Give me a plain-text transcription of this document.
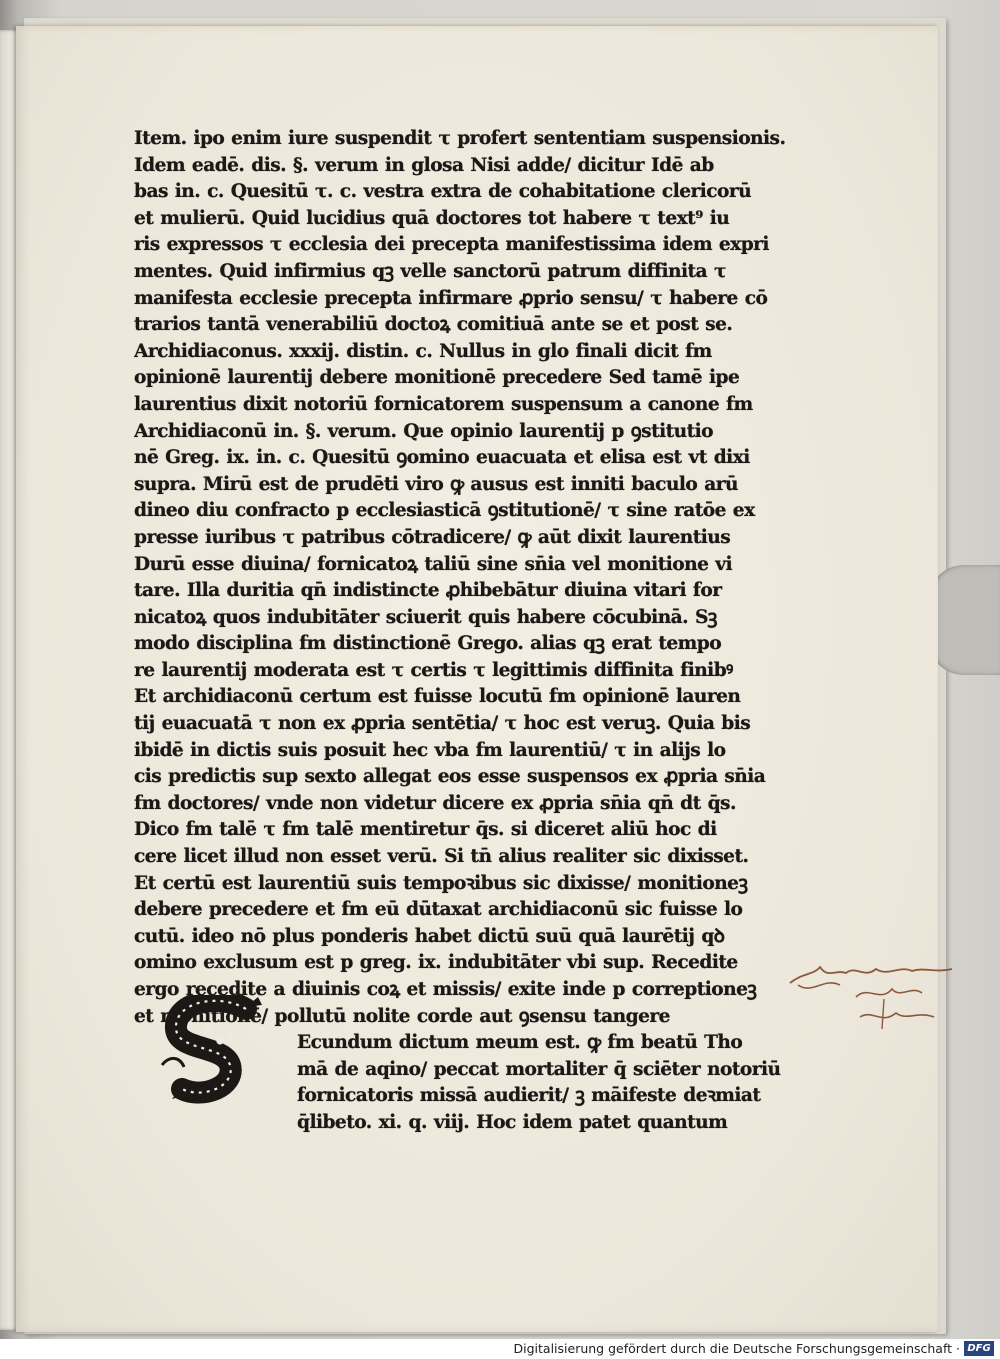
Item. ipo enim iure suspendit τ profert sententiam suspensionis.
Idem eadē. dis. §. verum in glosa Nisi adde/ dicitur Idē ab
bas in. c. Quesitū τ. c. vestra extra de cohabitatione clericorū
et mulierū. Quid lucidius quā doctores tot habere τ text⁹ iu
ris expressos τ ecclesia dei precepta manifestissima idem expri
mentes. Quid infirmius qꝫ velle sanctorū patrum diffinita τ
manifesta ecclesie precepta infirmare ꝓprio sensu/ τ habere cō
trarios tantā venerabiliū doctoꝝ comitiuā ante se et post se.
Archidiaconus. xxxij. distin. c. Nullus in glo finali dicit fm
opinionē laurentij debere monitionē precedere Sed tamē ipe
laurentius dixit notoriū fornicatorem suspensum a canone fm
Archidiaconū in. §. verum. Que opinio laurentij p ꝯstitutio
nē Greg. ix. in. c. Quesitū ꝯomino euacuata et elisa est vt dixi
supra. Mirū est de prudēti viro ꝙ ausus est inniti baculo arū
dineo diu confracto p ecclesiasticā ꝯstitutionē/ τ sine ratōe ex
presse iuribus τ patribus cōtradicere/ ꝙ aūt dixit laurentius
Durū esse diuina/ fornicatoꝝ taliū sine sn̄ia vel monitione vi
tare. Illa duritia qn̄ indistincte ꝓhibebātur diuina vitari for
nicatoꝝ quos indubitāter sciuerit quis habere cōcubinā. Sꝫ
modo disciplina fm distinctionē Grego. alias qꝫ erat tempo
re laurentij moderata est τ certis τ legittimis diffinita finibꝰ
Et archidiaconū certum est fuisse locutū fm opinionē lauren
tij euacuatā τ non ex ꝓpria sentētia/ τ hoc est veruꝫ. Quia bis
ibidē in dictis suis posuit hec vba fm laurentiū/ τ in alijs lo
cis predictis sup sexto allegat eos esse suspensos ex ꝓpria sn̄ia
fm doctores/ vnde non videtur dicere ex ꝓpria sn̄ia qn̄ dt q̄s.
Dico fm talē τ fm talē mentiretur q̄s. si diceret aliū hoc di
cere licet illud non esset verū. Si tn̄ alius realiter sic dixisset.
Et certū est laurentiū suis tempoꝛibus sic dixisse/ monitioneꝫ
debere precedere et fm eū dūtaxat archidiaconū sic fuisse lo
cutū. ideo nō plus ponderis habet dictū suū quā laurētij qꝺ
omino exclusum est p greg. ix. indubitāter vbi sup. Recedite
ergo recedite a diuinis coꝝ et missis/ exite inde p correptioneꝫ
et monitionē/ pollutū nolite corde aut ꝯsensu tangere
Ecundum dictum meum est. ꝙ fm beatū Tho
mā de aqino/ peccat mortaliter q̄ sciēter notoriū
fornicatoris missā audierit/ ꝫ māifeste deꝛmiat
q̄libeto. xi. q. viij. Hoc idem patet quantum
Digitalisierung gefördert durch die Deutsche Forschungsgemeinschaft · DFG
